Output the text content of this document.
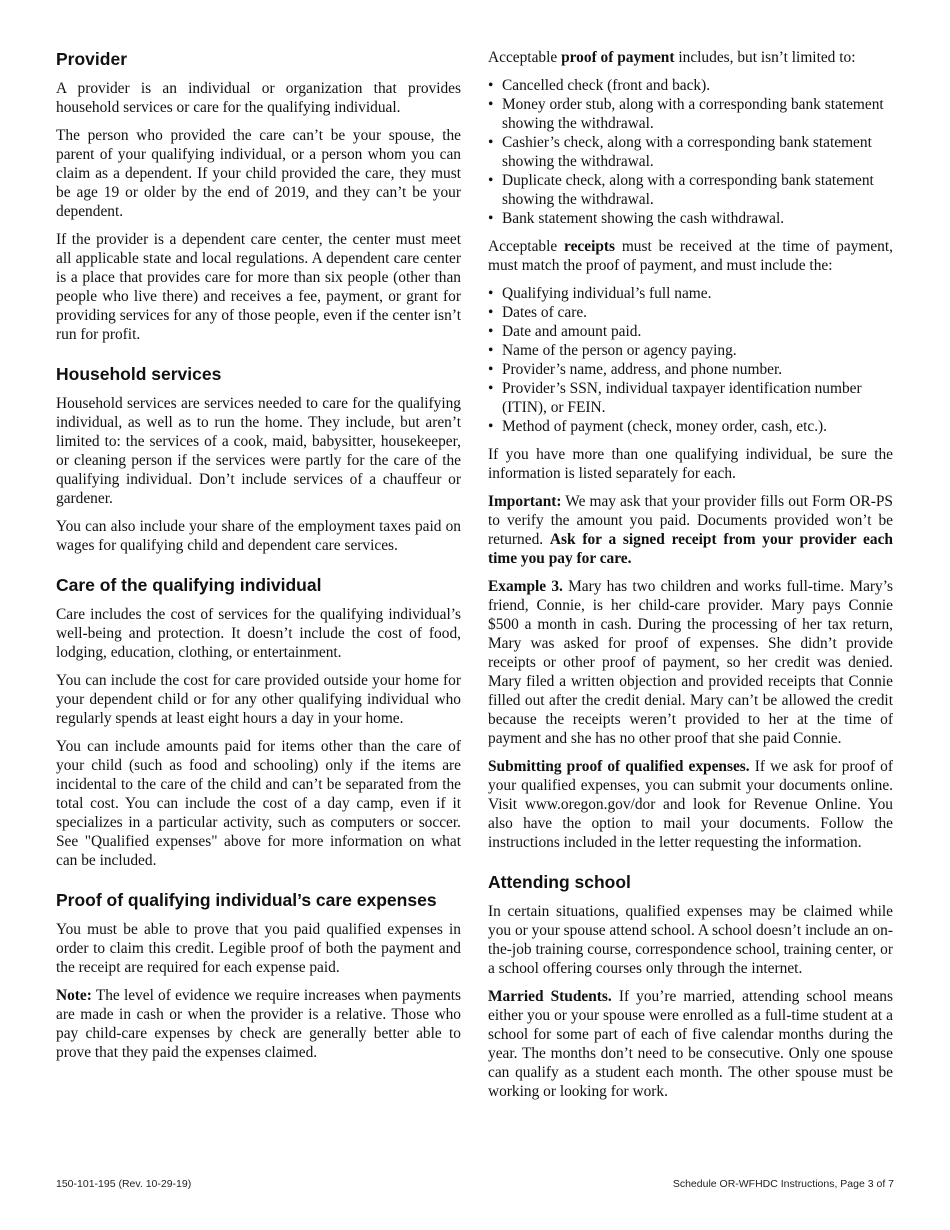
Provider

A provider is an individual or organization that provides household services or care for the qualifying individual.

The person who provided the care can’t be your spouse, the parent of your qualifying individual, or a person whom you can claim as a dependent. If your child provided the care, they must be age 19 or older by the end of 2019, and they can’t be your dependent.

If the provider is a dependent care center, the center must meet all applicable state and local regulations. A dependent care center is a place that provides care for more than six people (other than people who live there) and receives a fee, payment, or grant for providing services for any of those people, even if the center isn’t run for profit.

Household services

Household services are services needed to care for the qualifying individual, as well as to run the home. They include, but aren’t limited to: the services of a cook, maid, babysitter, housekeeper, or cleaning person if the services were partly for the care of the qualifying individual. Don’t include services of a chauffeur or gardener.

You can also include your share of the employment taxes paid on wages for qualifying child and dependent care services.

Care of the qualifying individual

Care includes the cost of services for the qualifying individual’s well-being and protection. It doesn’t include the cost of food, lodging, education, clothing, or entertainment.

You can include the cost for care provided outside your home for your dependent child or for any other qualifying individual who regularly spends at least eight hours a day in your home.

You can include amounts paid for items other than the care of your child (such as food and schooling) only if the items are incidental to the care of the child and can’t be separated from the total cost. You can include the cost of a day camp, even if it specializes in a particular activity, such as computers or soccer. See "Qualified expenses" above for more information on what can be included.

Proof of qualifying individual’s care expenses

You must be able to prove that you paid qualified expenses in order to claim this credit. Legible proof of both the payment and the receipt are required for each expense paid.

Note: The level of evidence we require increases when payments are made in cash or when the provider is a relative. Those who pay child-care expenses by check are generally better able to prove that they paid the expenses claimed.

Acceptable proof of payment includes, but isn’t limited to:

• Cancelled check (front and back).
• Money order stub, along with a corresponding bank statement showing the withdrawal.
• Cashier’s check, along with a corresponding bank statement showing the withdrawal.
• Duplicate check, along with a corresponding bank statement showing the withdrawal.
• Bank statement showing the cash withdrawal.

Acceptable receipts must be received at the time of payment, must match the proof of payment, and must include the:

• Qualifying individual’s full name.
• Dates of care.
• Date and amount paid.
• Name of the person or agency paying.
• Provider’s name, address, and phone number.
• Provider’s SSN, individual taxpayer identification number (ITIN), or FEIN.
• Method of payment (check, money order, cash, etc.).

If you have more than one qualifying individual, be sure the information is listed separately for each.

Important: We may ask that your provider fills out Form OR-PS to verify the amount you paid. Documents provided won’t be returned. Ask for a signed receipt from your provider each time you pay for care.

Example 3. Mary has two children and works full-time. Mary’s friend, Connie, is her child-care provider. Mary pays Connie $500 a month in cash. During the processing of her tax return, Mary was asked for proof of expenses. She didn’t provide receipts or other proof of payment, so her credit was denied. Mary filed a written objection and provided receipts that Connie filled out after the credit denial. Mary can’t be allowed the credit because the receipts weren’t provided to her at the time of payment and she has no other proof that she paid Connie.

Submitting proof of qualified expenses. If we ask for proof of your qualified expenses, you can submit your documents online. Visit www.oregon.gov/dor and look for Revenue Online. You also have the option to mail your documents. Follow the instructions included in the letter requesting the information.

Attending school

In certain situations, qualified expenses may be claimed while you or your spouse attend school. A school doesn’t include an on-the-job training course, correspondence school, training center, or a school offering courses only through the internet.

Married Students. If you’re married, attending school means either you or your spouse were enrolled as a full-time student at a school for some part of each of five calendar months during the year. The months don’t need to be consecutive. Only one spouse can qualify as a student each month. The other spouse must be working or looking for work.

150-101-195 (Rev. 10-29-19)	Schedule OR-WFHDC Instructions, Page 3 of 7
